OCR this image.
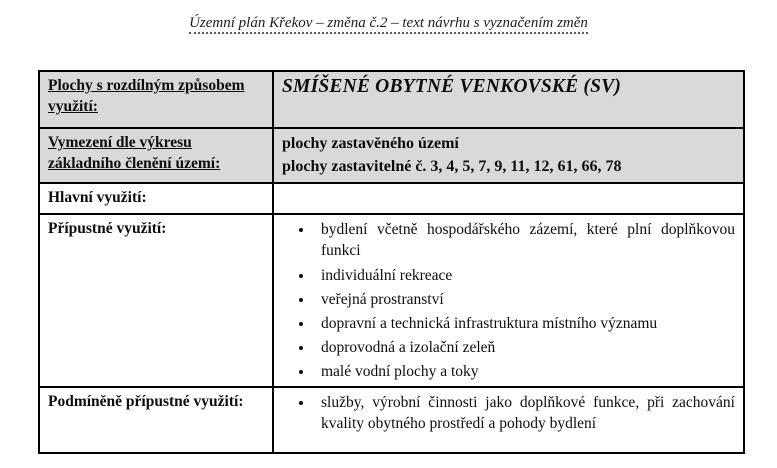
Územní plán Křekov – změna č.2 – text návrhu s vyznačením změn
Plochy s rozdílným způsobem využití:	SMÍŠENÉ OBYTNÉ VENKOVSKÉ (SV)
Vymezení dle výkresu základního členění území:	plochy zastavěného území
plochy zastavitelné č. 3, 4, 5, 7, 9, 11, 12, 61, 66, 78

Hlavní využití:	
Přípustné využití:	
•bydlení včetně hospodářského zázemí, které plní doplňkovou funkci
• individuální rekreace
• veřejná prostranství
• dopravní a technická infrastruktura místního významu
• doprovodná a izolační zeleň
• malé vodní plochy a toky

Podmíněně přípustné využití:	
•služby, výrobní činnosti jako doplňkové funkce, při zachování kvality obytného prostředí a pohody bydlení
